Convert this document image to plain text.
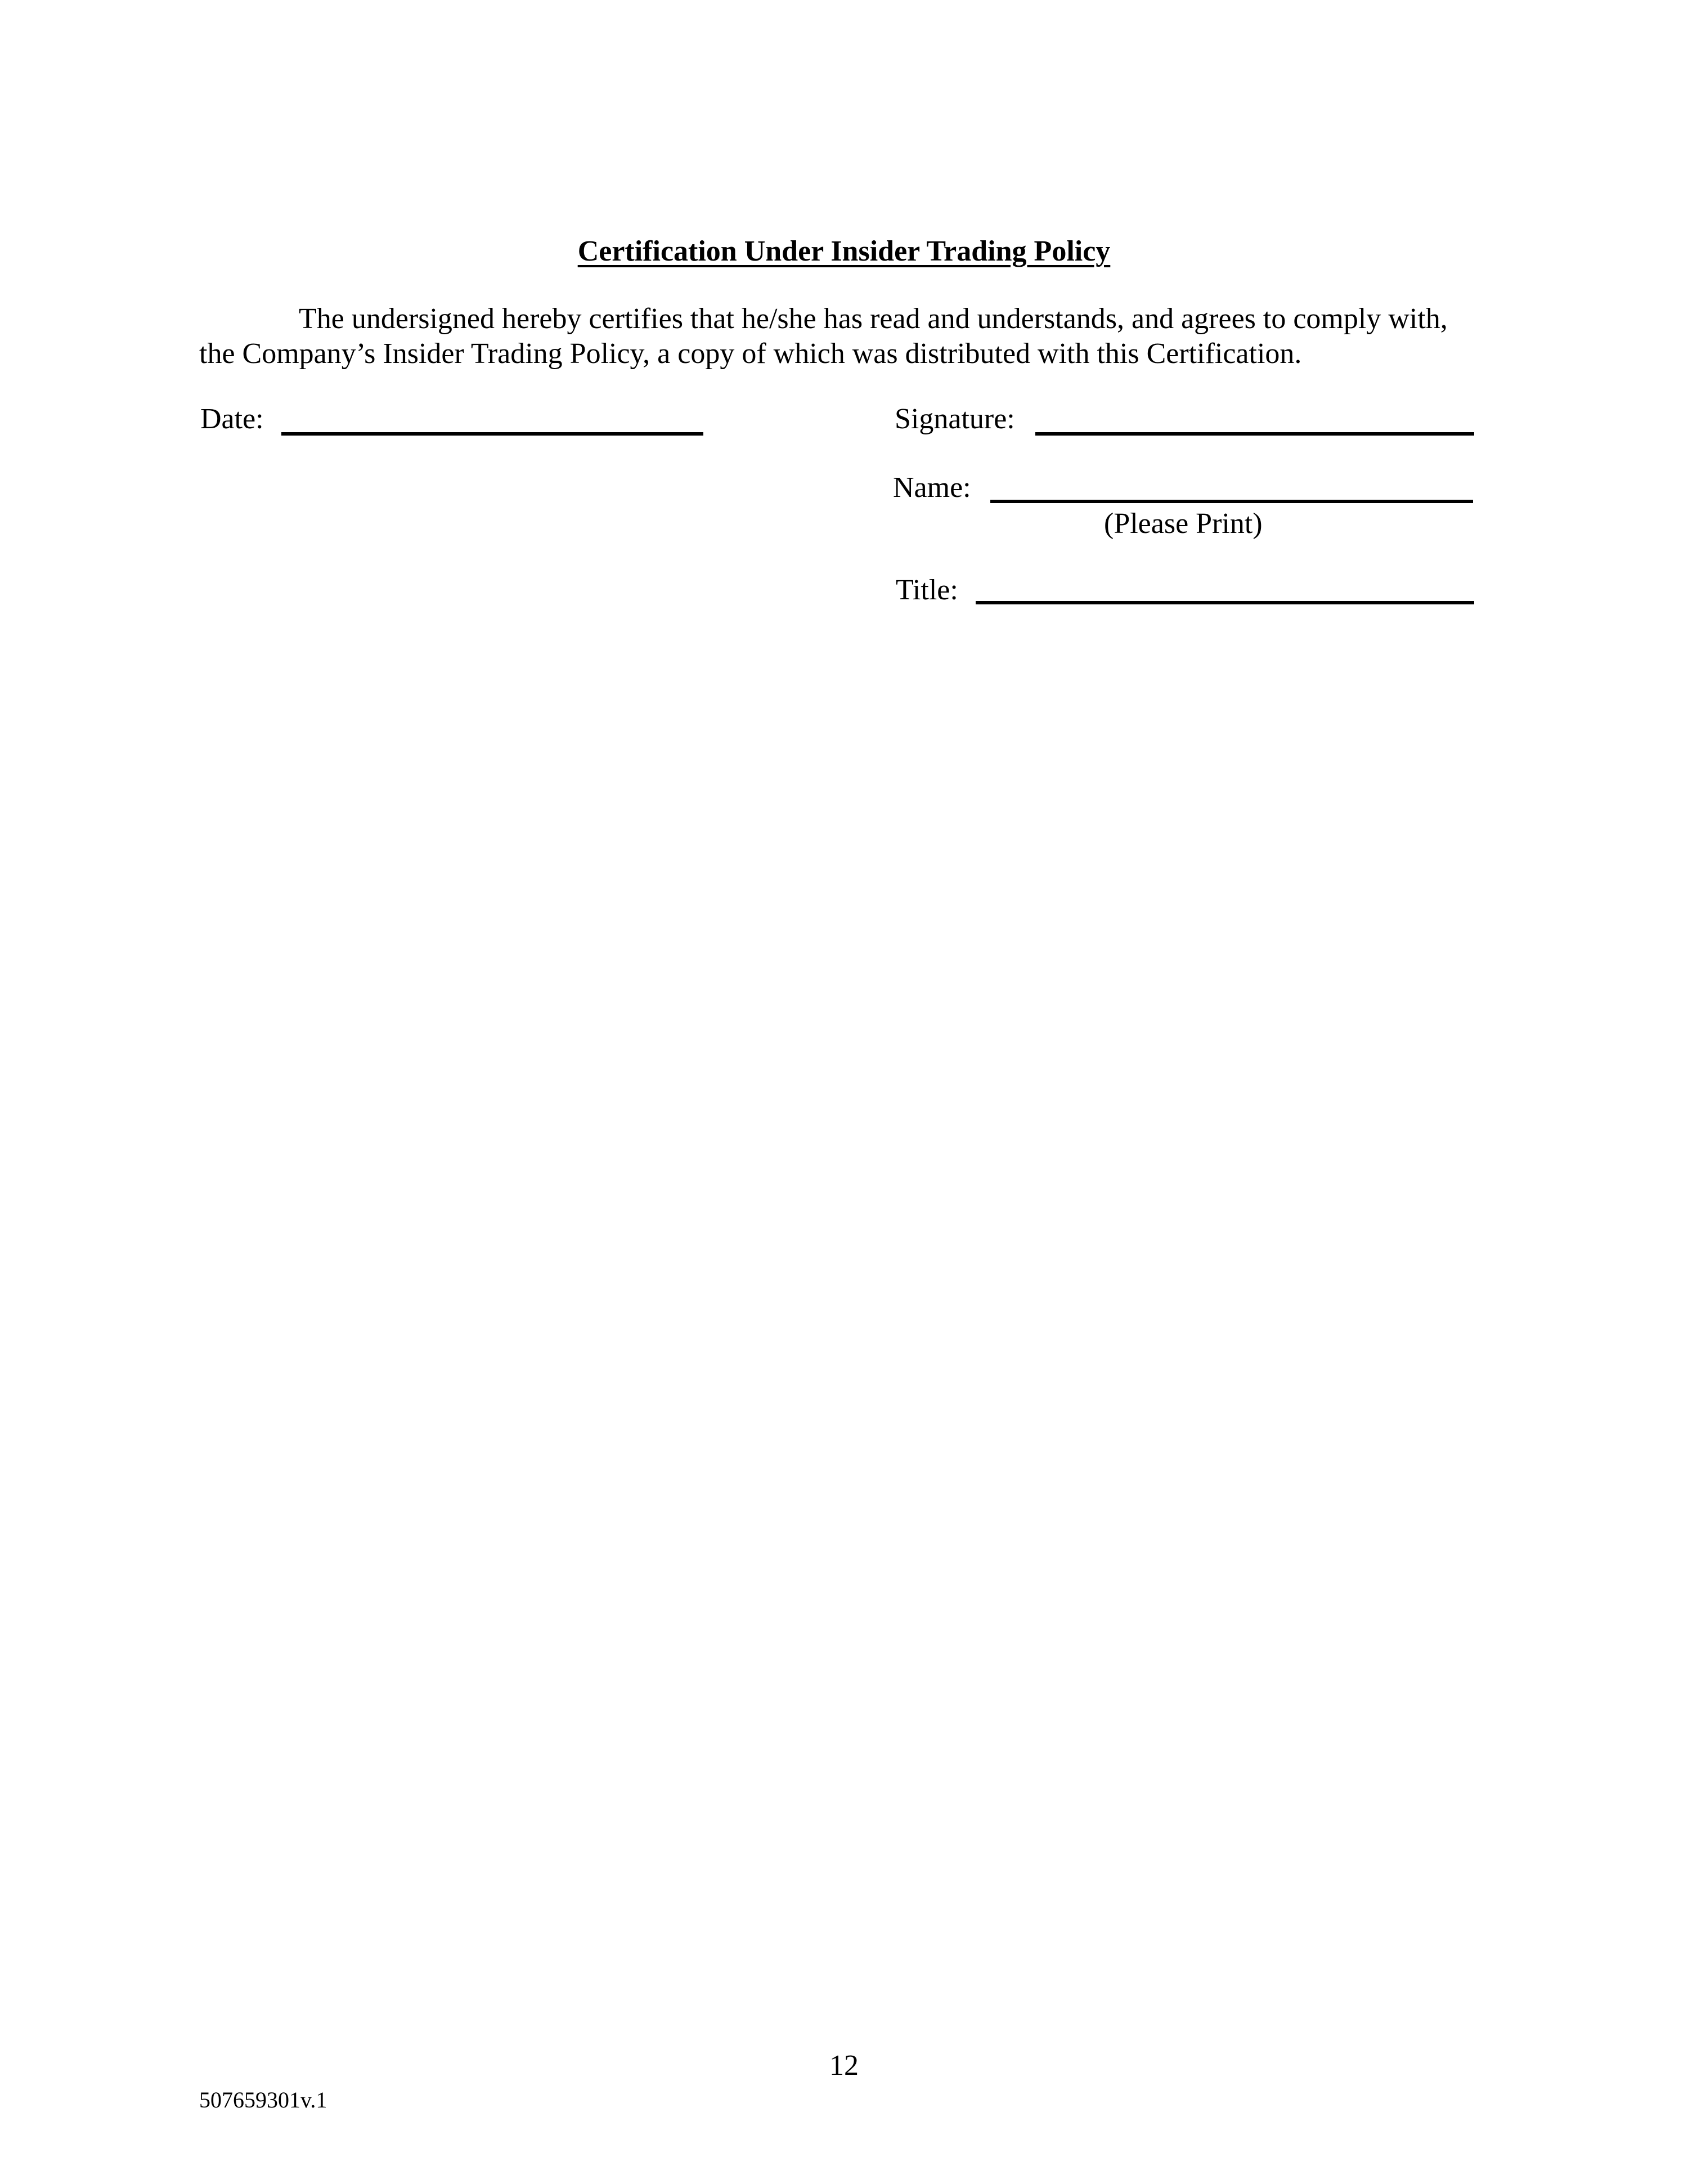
Certification Under Insider Trading Policy
The undersigned hereby certifies that he/she has read and understands, and agrees to comply with,
the Company’s Insider Trading Policy, a copy of which was distributed with this Certification.
Date:	Signature:
Name:
(Please Print)
Title:
12
507659301v.1
